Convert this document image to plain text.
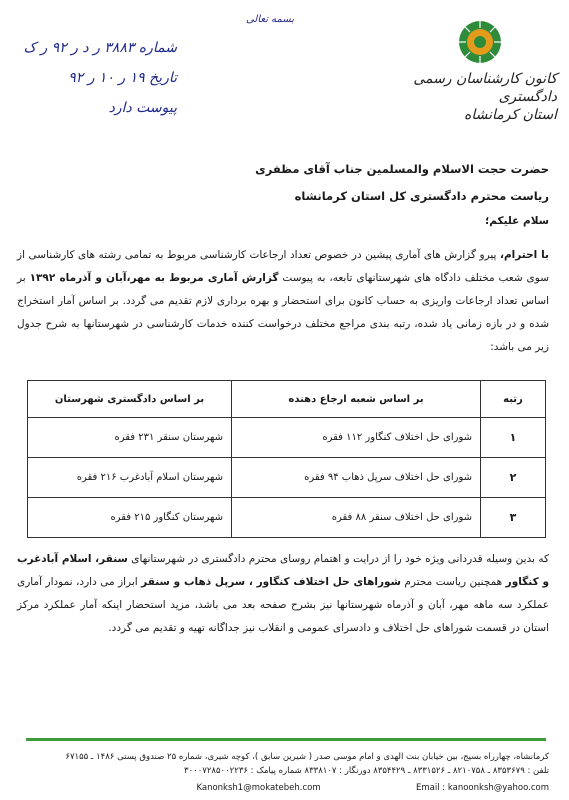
بسمه تعالی
کانون کارشناسان رسمی دادگستری
استان کرمانشاه
شماره ۳۸۸۳ ر د ر ۹۲ ر ک
تاریخ ۱۹ ر ۱۰ ر ۹۲
پیوست دارد
حضرت حجت الاسلام والمسلمین جناب آقای مظفری
ریاست محترم دادگستری کل استان کرمانشاه
سلام علیکم؛
با احترام، پیرو گزارش های آماری پیشین در خصوص تعداد ارجاعات کارشناسی مربوط به تمامی رشته های کارشناسی از سوی شعب مختلف دادگاه های شهرستانهای تابعه، به پیوست گزارش آماری مربوط به مهر،آبان و آذرماه ۱۳۹۲ بر اساس تعداد ارجاعات واریزی به حساب کانون برای استحضار و بهره برداری لازم تقدیم می گردد. بر اساس آمار استخراج شده و در بازه زمانی یاد شده، رتبه بندی مراجع مختلف درخواست کننده خدمات کارشناسی در شهرستانها به شرح جدول زیر می باشد:
رتبه	بر اساس شعبه ارجاع دهنده	بر اساس دادگستری شهرستان
۱	شورای حل اختلاف کنگاور ۱۱۲ فقره	شهرستان سنقر ۲۳۱ فقره
۲	شورای حل اختلاف سرپل ذهاب ۹۴ فقره	شهرستان اسلام آبادغرب ۲۱۶ فقره
۳	شورای حل اختلاف سنقر ۸۸ فقره	شهرستان کنگاور ۲۱۵ فقره
که بدین وسیله قدردانی ویژه خود را از درایت و اهتمام روسای محترم دادگستری در شهرستانهای سنقر، اسلام آبادغرب و کنگاور همچنین ریاست محترم شوراهای حل اختلاف کنگاور ، سرپل ذهاب و سنقر ابراز می دارد، نمودار آماری عملکرد سه ماهه مهر، آبان و آذرماه شهرستانها نیز بشرح صفحه بعد می باشد، مزید استحضار اینکه آمار عملکرد مرکز استان در قسمت شوراهای حل اختلاف و دادسرای عمومی و انقلاب نیز جداگانه تهیه و تقدیم می گردد.
کرمانشاه، چهارراه بسیج، بین خیابان بنت الهدی و امام موسی صدر ( شیرین سابق )، کوچه شیری، شماره ۲۵ صندوق پستی ۱۴۸۶ ـ ۶۷۱۵۵
تلفن : ۸۳۵۳۶۷۹ ـ ۸۲۱۰۷۵۸ ـ ۸۳۳۱۵۲۶ ـ ۸۳۵۴۴۲۹ دورنگار : ۸۳۳۸۱۰۷ شماره پیامک : ۳۰۰۰۷۲۸۵۰۰۲۲۳۶
Kanonksh1@mokatebeh.com	Email : kanoonksh@yahoo.com
